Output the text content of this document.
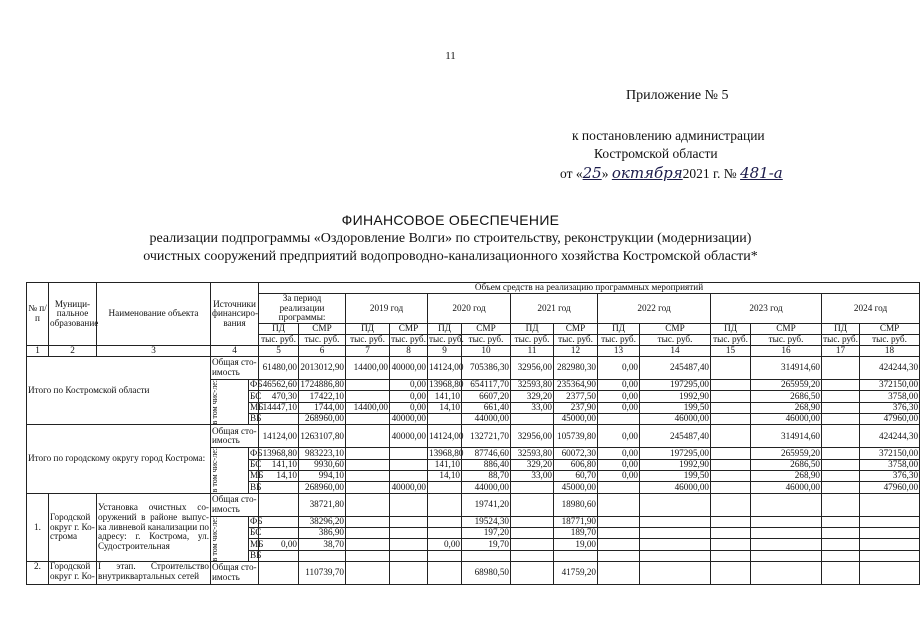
11
Приложение № 5
к постановлению администрации
Костромской области
от «25» октября2021 г. № 481-а
ФИНАНСОВОЕ ОБЕСПЕЧЕНИЕ
реализации подпрограммы «Оздоровление Волги» по строительству, реконструкции (модернизации)
очистных сооружений предприятий водопроводно-канализационного хозяйства Костромской области*
№ п/п	Муници-пальное образование	Наименование объекта	Источники финансиро-вания		Объем средств на реализацию программных мероприятий													
					За период реализации программы:		2019 год		2020 год		2021 год		2022 год		2023 год		2024 год	
					ПД	СМР	ПД	СМР	ПД	СМР	ПД	СМР	ПД	СМР	ПД	СМР	ПД	СМР
					тыс. руб.	тыс. руб.	тыс. руб.	тыс. руб.	тыс. руб.	тыс. руб.	тыс. руб.	тыс. руб.	тыс. руб.	тыс. руб.	тыс. руб.	тыс. руб.	тыс. руб.	тыс. руб.
1	2	3	4		5	6	7	8	9	10	11	12	13	14	15	16	17	18
Итого по Костромской области			Общая сто-имость		61480,00	2013012,90	14400,00	40000,00	14124,00	705386,30	32956,00	282980,30	0,00	245487,40		314914,60		424244,30

			в том чис-ле:	ФБ	46562,60	1724886,80		0,00	13968,80	654117,70	32593,80	235364,90	0,00	197295,00		265959,20		372150,00
				БС	470,30	17422,10		0,00	141,10	6607,20	329,20	2377,50	0,00	1992,90		2686,50		3758,00
				МБ	14447,10	1744,00	14400,00	0,00	14,10	661,40	33,00	237,90	0,00	199,50		268,90		376,30
				ВБ		268960,00		40000,00		44000,00		45000,00		46000,00		46000,00		47960,00
Итого по городскому округу город Кострома:			Общая сто-имость		14124,00	1263107,80		40000,00	14124,00	132721,70	32956,00	105739,80	0,00	245487,40		314914,60		424244,30

			в том чис-ле:	ФБ	13968,80	983223,10			13968,80	87746,60	32593,80	60072,30	0,00	197295,00		265959,20		372150,00
				БС	141,10	9930,60			141,10	886,40	329,20	606,80	0,00	1992,90		2686,50		3758,00
				МБ	14,10	994,10			14,10	88,70	33,00	60,70	0,00	199,50		268,90		376,30
				ВБ		268960,00		40000,00		44000,00		45000,00		46000,00		46000,00		47960,00
1.	Городской округ г. Ко-строма	Установка очистных со-оружений в районе выпус-ка ливневой канализации по адресу: г. Кострома, ул. Судостроительная	Общая сто-имость			38721,80				19741,20		18980,60						

			в том чис-ле:	ФБ		38296,20				19524,30		18771,90						
				БС		386,90				197,20		189,70						
				МБ	0,00	38,70			0,00	19,70		19,00						
				ВБ														
2.	Городской округ г. Ко-	I этап. Строительство внутриквартальных сетей	Общая сто-имость			110739,70				68980,50		41759,20						
